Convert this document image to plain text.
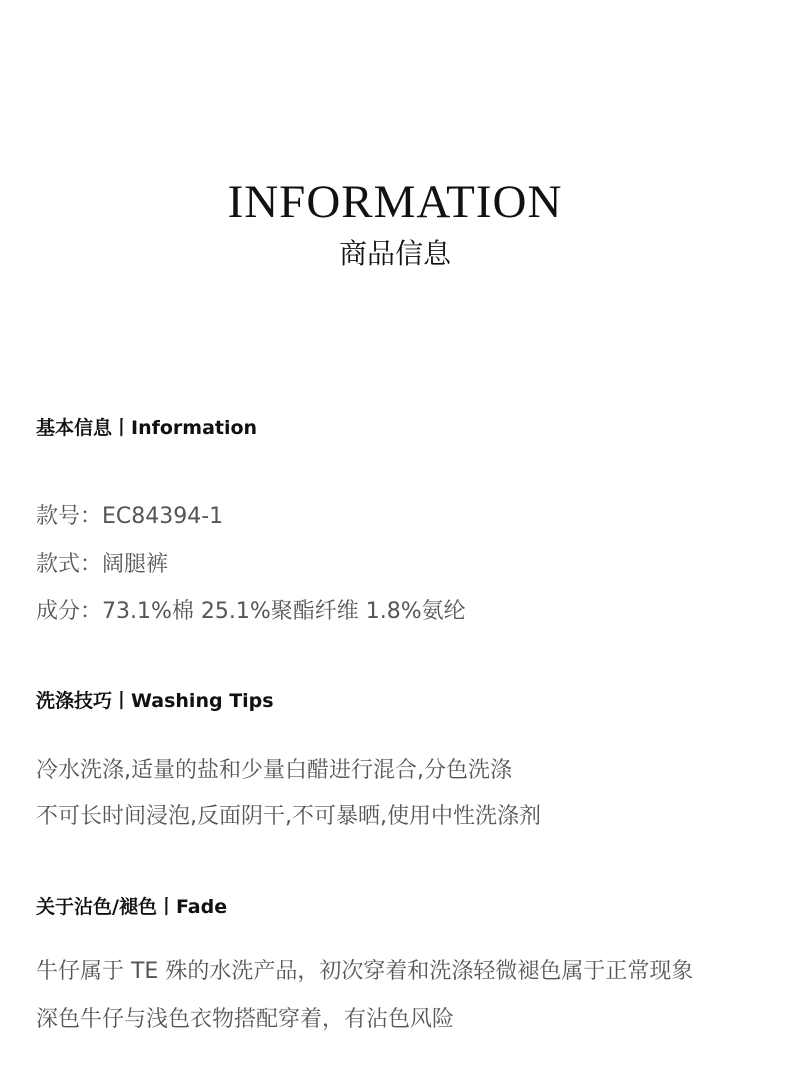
INFORMATION
商品信息
基本信息丨Information
款号：EC84394-1
款式：阔腿裤
成分：73.1%棉 25.1%聚酯纤维 1.8%氨纶
洗涤技巧丨Washing Tips
冷水洗涤,适量的盐和少量白醋进行混合,分色洗涤
不可长时间浸泡,反面阴干,不可暴晒,使用中性洗涤剂
关于沾色/褪色丨Fade
牛仔属于 TE 殊的水洗产品，初次穿着和洗涤轻微褪色属于正常现象
深色牛仔与浅色衣物搭配穿着，有沾色风险
